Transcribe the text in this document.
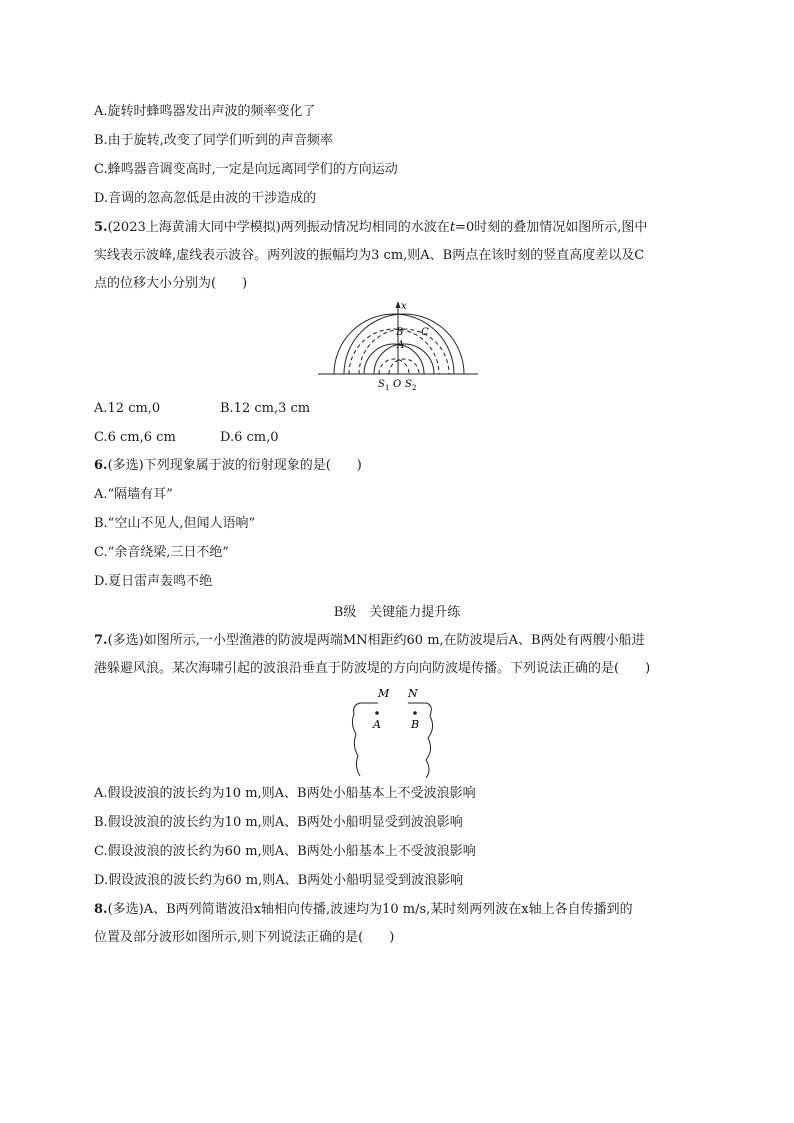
A.旋转时蜂鸣器发出声波的频率变化了
B.由于旋转,改变了同学们听到的声音频率
C.蜂鸣器音调变高时,一定是向远离同学们的方向运动
D.音调的忽高忽低是由波的干涉造成的
5.(2023上海黄浦大同中学模拟)两列振动情况均相同的水波在t=0时刻的叠加情况如图所示,图中
实线表示波峰,虚线表示波谷。两列波的振幅均为3 cm,则A、B两点在该时刻的竖直高度差以及C
点的位移大小分别为(　　)
x
B C
A
S 1 O S 2
A.12 cm,0	B.12 cm,3 cm
C.6 cm,6 cm	D.6 cm,0
6.(多选)下列现象属于波的衍射现象的是(　　)
A.“隔墙有耳”
B.“空山不见人,但闻人语响”
C.“余音绕梁,三日不绝”
D.夏日雷声轰鸣不绝
B级　关键能力提升练
7.(多选)如图所示,一小型渔港的防波堤两端MN相距约60 m,在防波堤后A、B两处有两艘小船进
港躲避风浪。某次海啸引起的波浪沿垂直于防波堤的方向向防波堤传播。下列说法正确的是(　　)
M N
A	B
A.假设波浪的波长约为10 m,则A、B两处小船基本上不受波浪影响
B.假设波浪的波长约为10 m,则A、B两处小船明显受到波浪影响
C.假设波浪的波长约为60 m,则A、B两处小船基本上不受波浪影响
D.假设波浪的波长约为60 m,则A、B两处小船明显受到波浪影响
8.(多选)A、B两列简谐波沿x轴相向传播,波速均为10 m/s,某时刻两列波在x轴上各自传播到的
位置及部分波形如图所示,则下列说法正确的是(　　)
